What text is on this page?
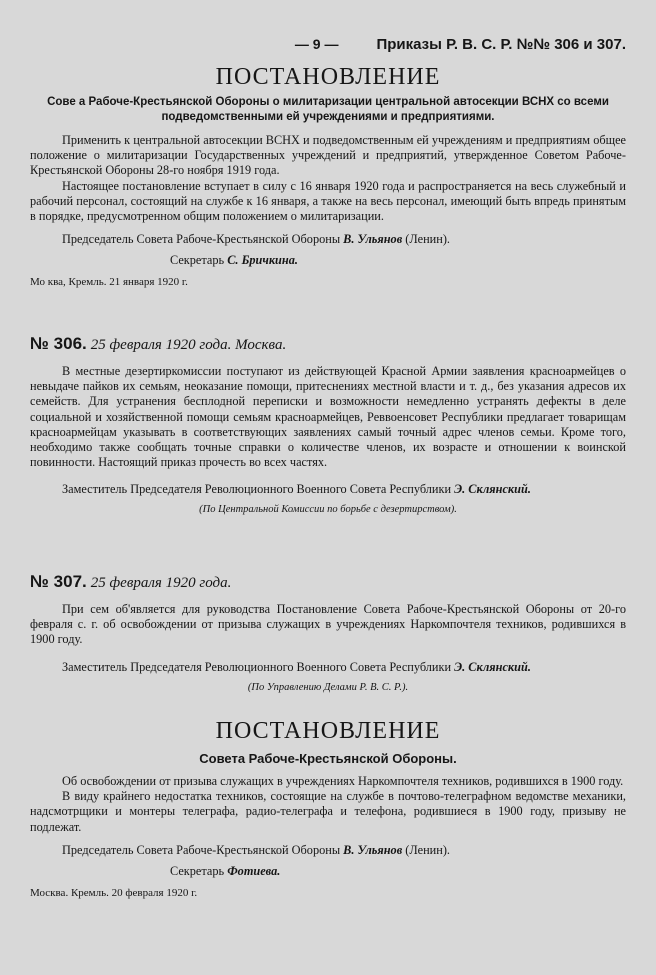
— 9 —	Приказы Р. В. С. Р. №№ 306 и 307.
ПОСТАНОВЛЕНИЕ

Сове а Рабоче-Крестьянской Обороны о милитаризации центральной автосекции ВСНХ со всеми
подведомственными ей учреждениями и предприятиями.

Применить к центральной автосекции ВСНХ и подведомственным ей учреждениям и предприятиям общее положение о милитаризации Государственных учреждений и предприятий, утвержденное Советом Рабоче-Крестьянской Обороны 28-го ноября 1919 года.

Настоящее постановление вступает в силу с 16 января 1920 года и распространяется на весь служебный и рабочий персонал, состоящий на службе к 16 января, а также на весь персонал, имеющий быть впредь принятым в порядке, предусмотренном общим положением о милитаризации.

Председатель Совета Рабоче-Крестьянской Обороны В. Ульянов (Ленин).

Секретарь С. Бричкина.

Мо ква, Кремль. 21 января 1920 г.

№ 306. 25 февраля 1920 года. Москва.

В местные дезертиркомиссии поступают из действующей Красной Армии заявления красноармейцев о невыдаче пайков их семьям, неоказание помощи, притеснениях местной власти и т. д., без указания адресов их семейств. Для устранения бесплодной переписки и возможности немедленно устранять дефекты в деле социальной и хозяйственной помощи семьям красноармейцев, Реввоенсовет Республики предлагает товарищам красноармейцам указывать в соответствующих заявлениях самый точный адрес членов семьи. Кроме того, необходимо также сообщать точные справки о количестве членов, их возрасте и отношении к воинской повинности. Настоящий приказ прочесть во всех частях.

Заместитель Председателя Революционного Военного Совета Республики Э. Склянский.

(По Центральной Комиссии по борьбе с дезертирством).

№ 307. 25 февраля 1920 года.

При сем об'является для руководства Постановление Совета Рабоче-Крестьянской Обороны от 20-го февраля с. г. об освобождении от призыва служащих в учреждениях Наркомпочтеля техников, родившихся в 1900 году.

Заместитель Председателя Революционного Военного Совета Республики Э. Склянский.

(По Управлению Делами Р. В. С. Р.).

ПОСТАНОВЛЕНИЕ

Совета Рабоче-Крестьянской Обороны.

Об освобождении от призыва служащих в учреждениях Наркомпочтеля техников, родившихся в 1900 году.

В виду крайнего недостатка техников, состоящие на службе в почтово-телеграфном ведомстве механики, надсмотрщики и монтеры телеграфа, радио-телеграфа и телефона, родившиеся в 1900 году, призыву не подлежат.

Председатель Совета Рабоче-Крестьянской Обороны В. Ульянов (Ленин).

Секретарь Фотиева.

Москва. Кремль. 20 февраля 1920 г.
